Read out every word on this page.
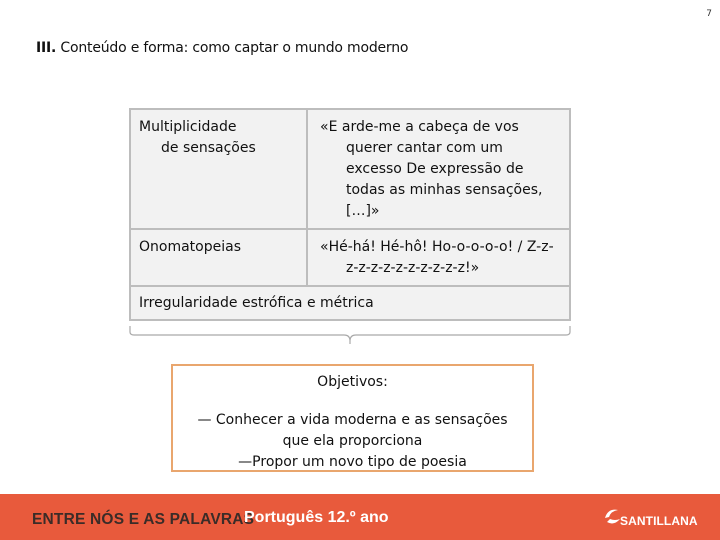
7
III. Conteúdo e forma: como captar o mundo moderno
Multiplicidade
de sensações
«E arde-me a cabeça de vos querer cantar com um excesso De expressão de todas as minhas sensações, […]»
Onomatopeias	«Hé-há! Hé-hô! Ho-o-o-o-o! / Z-z-z-z-z-z-z-z-z-z-z-z!»
Irregularidade estrófica e métrica
Objetivos:
— Conhecer a vida moderna e as sensações
que ela proporciona
—Propor um novo tipo de poesia
ENTRE NÓS E AS PALAVRAS
Português 12.º ano	SANTILLANA
